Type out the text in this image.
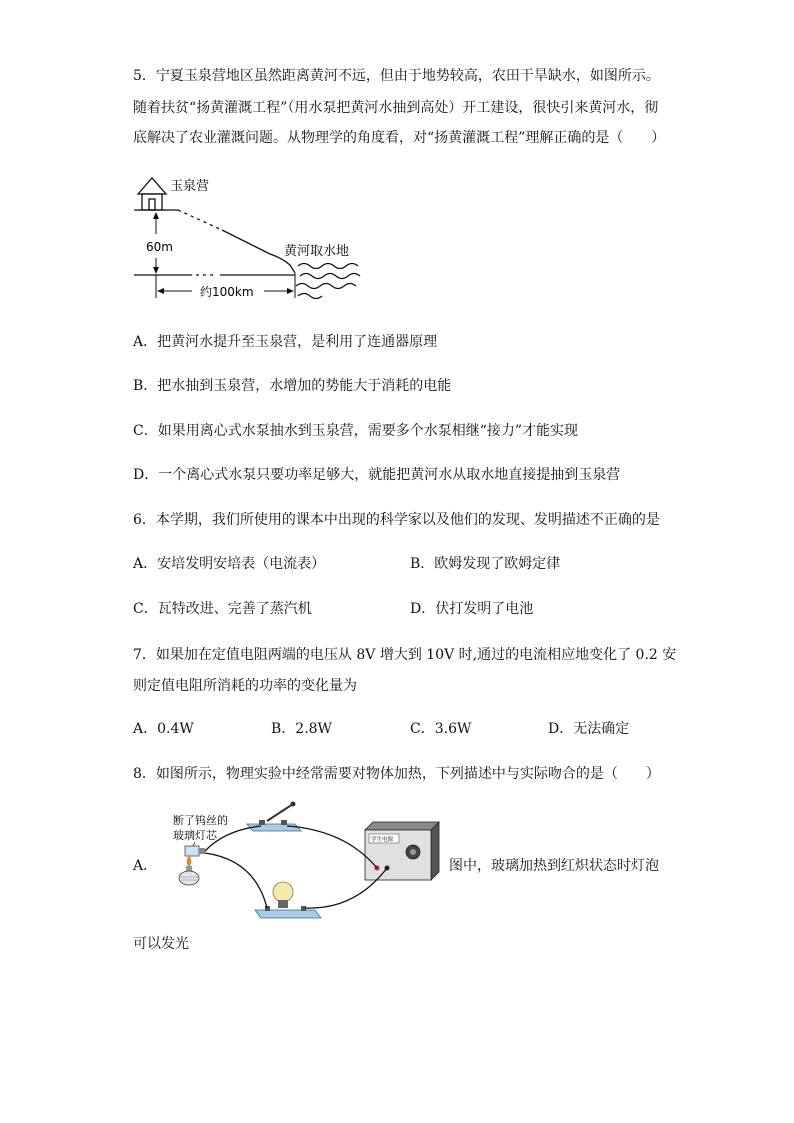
5．宁夏玉泉营地区虽然距离黄河不远，但由于地势较高，农田干旱缺水，如图所示。
随着扶贫“扬黄灌溉工程”（用水泵把黄河水抽到高处）开工建设，很快引来黄河水，彻
底解决了农业灌溉问题。从物理学的角度看，对“扬黄灌溉工程”理解正确的是（　　）
玉泉营
60m
约100km
黄河取水地
A．把黄河水提升至玉泉营，是利用了连通器原理
B．把水抽到玉泉营，水增加的势能大于消耗的电能
C．如果用离心式水泵抽水到玉泉营，需要多个水泵相继“接力”才能实现
D．一个离心式水泵只要功率足够大，就能把黄河水从取水地直接提抽到玉泉营
6．本学期，我们所使用的课本中出现的科学家以及他们的发现、发明描述不正确的是
A．安培发明安培表（电流表）	B．欧姆发现了欧姆定律
C．瓦特改进、完善了蒸汽机	D．伏打发明了电池
7．如果加在定值电阻两端的电压从 8V 增大到 10V 时,通过的电流相应地变化了 0.2 安
则定值电阻所消耗的功率的变化量为
A．0.4W	B．2.8W	C．3.6W	D．无法确定
8．如图所示，物理实验中经常需要对物体加热，下列描述中与实际吻合的是（　　）
A．
断了钨丝的
玻璃灯芯	学生电源
图中，玻璃加热到红炽状态时灯泡
可以发光
